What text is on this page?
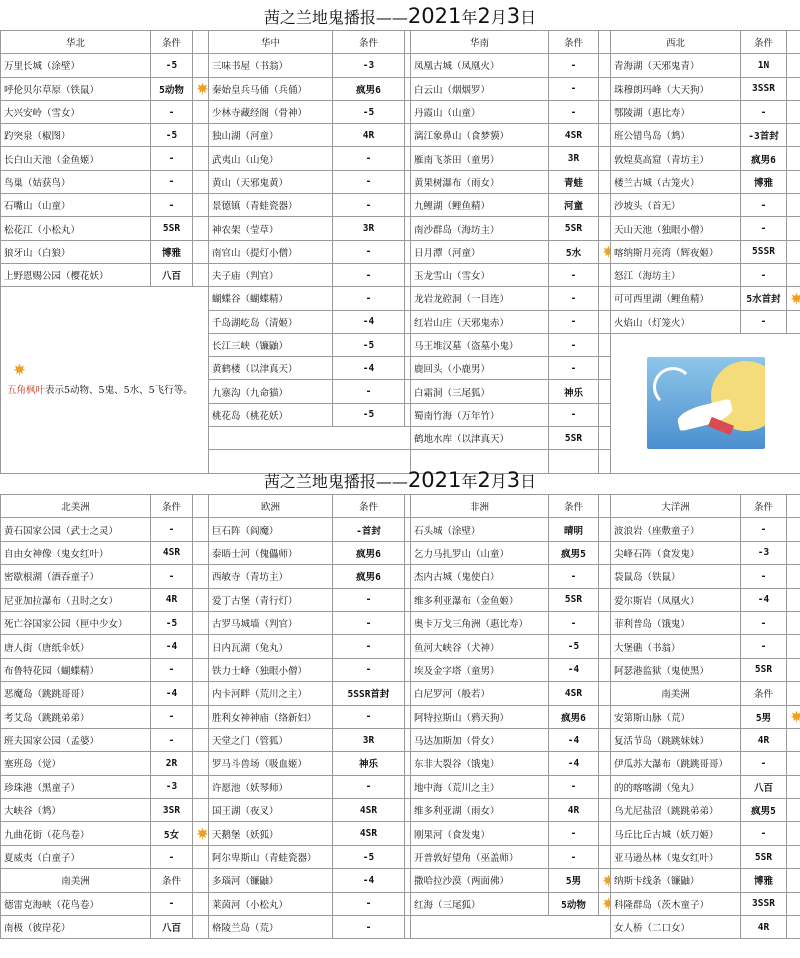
茜之兰地鬼播报——2021年2月3日
华北	条件		华中	条件		华南	条件		西北	条件	
万里长城（涂壁）	-5		三味书屋（书翁）	-3		凤凰古城（凤凰火）	-		青海湖（天邪鬼青）	1N	
呼伦贝尔草原（铁鼠）	5动物		秦始皇兵马俑（兵俑）	疯男6		白云山（烟烟罗）	-		珠穆朗玛峰（大天狗）	3SSR	
大兴安岭（雪女）	-		少林寺藏经阁（骨神）	-5		丹霞山（山童）	-		鄂陵湖（惠比寿）	-	
趵突泉（椒图）	-5		独山湖（河童）	4R		漓江象鼻山（食梦貘）	4SR		班公错鸟岛（鸩）	-3首封	
长白山天池（金鱼姬）	-		武夷山（山兔）	-		雁南飞茶田（童男）	3R		敦煌莫高窟（青坊主）	疯男6	
鸟巢（姑获鸟）	-		黄山（天邪鬼黄）	-		黄果树瀑布（雨女）	青蛙		楼兰古城（古笼火）	博雅	
石嘴山（山童）	-		景德镇（青蛙瓷器）	-		九鲤湖（鲤鱼精）	河童		沙坡头（首无）	-	
松花江（小松丸）	5SR		神农架（莹草）	3R		南沙群岛（海坊主）	5SR		天山天池（独眼小僧）	-	
狼牙山（白狼）	博雅		南官山（提灯小僧）	-		日月潭（河童）	5水		喀纳斯月亮湾（辉夜姬）	5SSR	
上野恩赐公园（樱花妖）	八百		夫子庙（判官）	-		玉龙雪山（雪女）	-		怒江（海坊主）	-	

五角枫叶表示5动物、5鬼、5水、5飞行等。			蝴蝶谷（蝴蝶精）	-		龙岩龙硿洞（一目连）	-		可可西里湖（鲤鱼精）	5水首封	
			千岛湖屹岛（清姬）	-4		红岩山庄（天邪鬼赤）	-		火焰山（灯笼火）	-	
			长江三峡（镰鼬）	-5		马王堆汉墓（盗墓小鬼）	-				

			黄鹤楼（以津真天）	-4		鹿回头（小鹿男）	-				
			九寨沟（九命猫）	-		白霜洞（三尾狐）	神乐				
			桃花岛（桃花妖）	-5		蜀南竹海（万年竹）	-				
						鹤地水库（以津真天）	5SR				

茜之兰地鬼播报——2021年2月3日
北美洲	条件		欧洲	条件		非洲	条件		大洋洲	条件	
黄石国家公园（武士之灵）	-		巨石阵（阎魔）	-首封		石头城（涂壁）	晴明		波浪岩（座敷童子）	-	
自由女神像（鬼女红叶）	4SR		泰晤士河（傀儡师）	疯男6		乞力马扎罗山（山童）	疯男5		尖峰石阵（食发鬼）	-3	
密歇根湖（酒吞童子）	-		西敏寺（青坊主）	疯男6		杰内古城（鬼使白）	-		袋鼠岛（铁鼠）	-	
尼亚加拉瀑布（丑时之女）	4R		爱丁古堡（青行灯）	-		维多利亚瀑布（金鱼姬）	5SR		爱尔斯岩（凤凰火）	-4	
死亡谷国家公园（匣中少女）	-5		古罗马城墙（判官）	-		奥卡万戈三角洲（惠比寿）	-		菲利普岛（饿鬼）	-	
唐人街（唐纸伞妖）	-4		日内瓦湖（兔丸）	-		鱼河大峡谷（犬神）	-5		大堡礁（书翁）	-	
布鲁特花园（蝴蝶精）	-		铁力士峰（独眼小僧）	-		埃及金字塔（童男）	-4		阿瑟港监狱（鬼使黑）	5SR	
恶魔岛（跳跳哥哥）	-4		内卡河畔（荒川之主）	5SSR首封		白尼罗河（般若）	4SR		南美洲	条件	
考艾岛（跳跳弟弟）	-		胜利女神神庙（络新妇）	-		阿特拉斯山（鸦天狗）	疯男6		安第斯山脉（荒）	5男	
班夫国家公园（孟婆）	-		天堂之门（管狐）	3R		马达加斯加（骨女）	-4		复活节岛（跳跳妹妹）	4R	
塞班岛（觉）	2R		罗马斗兽场（吸血姬）	神乐		东非大裂谷（饿鬼）	-4		伊瓜苏大瀑布（跳跳哥哥）	-	
珍珠港（黑童子）	-3		许愿池（妖琴师）	-		地中海（荒川之主）	-		的的喀喀湖（兔丸）	八百	
大峡谷（鸩）	3SR		国王湖（夜叉）	4SR		维多利亚湖（雨女）	4R		乌尤尼盐沼（跳跳弟弟）	疯男5	
九曲花街（花鸟卷）	5女		天鹅堡（妖狐）	4SR		刚果河（食发鬼）	-		马丘比丘古城（妖刀姬）	-	
夏威夷（白童子）	-		阿尔卑斯山（青蛙瓷器）	-5		开普敦好望角（巫盖师）	-		亚马逊丛林（鬼女红叶）	5SR	
南美洲	条件		多瑙河（镰鼬）	-4		撒哈拉沙漠（两面佛）	5男		纳斯卡线条（镰鼬）	博雅	
德雷克海峡（花鸟卷）	-		莱茵河（小松丸）	-		红海（三尾狐）	5动物		科隆群岛（茨木童子）	3SSR	
南极（彼岸花）	八百		格陵兰岛（荒）	-					女人桥（二口女）	4R	
